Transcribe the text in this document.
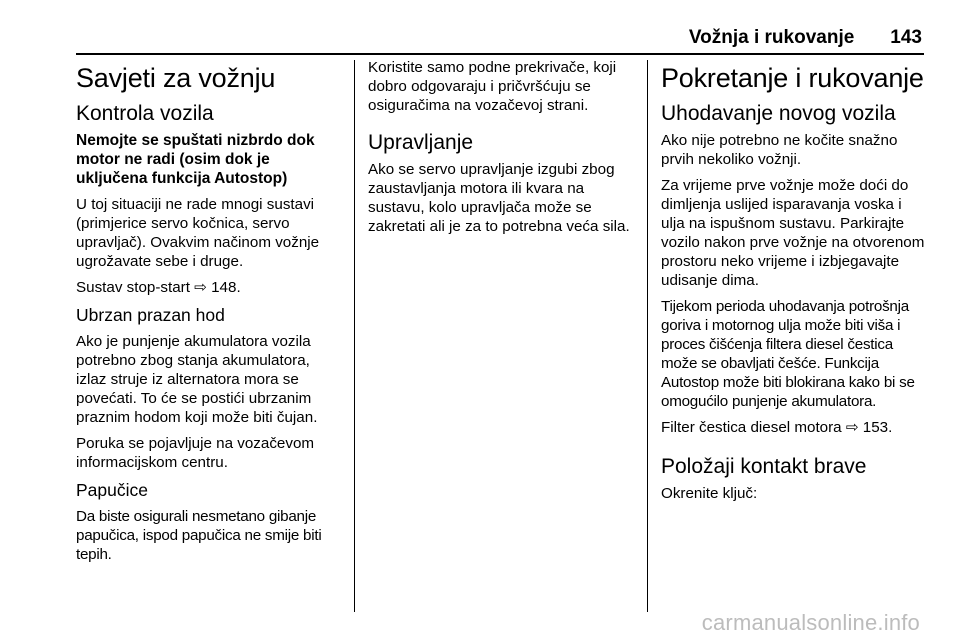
Vožnja i rukovanje 143
Savjeti za vožnju
Kontrola vozila
Nemojte se spuštati nizbrdo dok motor ne radi (osim dok je uključena funkcija Autostop)

U toj situaciji ne rade mnogi sustavi (primjerice servo kočnica, servo upravljač). Ovakvim načinom vožnje ugrožavate sebe i druge.

Sustav stop-start ⇨ 148.

Ubrzan prazan hod

Ako je punjenje akumulatora vozila potrebno zbog stanja akumulatora, izlaz struje iz alternatora mora se povećati. To će se postići ubrzanim praznim hodom koji može biti čujan.

Poruka se pojavljuje na vozačevom informacijskom centru.

Papučice

Da biste osigurali nesmetano gibanje papučica, ispod papučica ne smije biti tepih.

Koristite samo podne prekrivače, koji dobro odgovaraju i pričvršćuju se osiguračima na vozačevoj strani.

Upravljanje

Ako se servo upravljanje izgubi zbog zaustavljanja motora ili kvara na sustavu, kolo upravljača može se zakretati ali je za to potrebna veća sila.

Pokretanje i rukovanje
Uhodavanje novog vozila

Ako nije potrebno ne kočite snažno prvih nekoliko vožnji.

Za vrijeme prve vožnje može doći do dimljenja uslijed isparavanja voska i ulja na ispušnom sustavu. Parkirajte vozilo nakon prve vožnje na otvorenom prostoru neko vrijeme i izbjegavajte udisanje dima.

Tijekom perioda uhodavanja potrošnja goriva i motornog ulja može biti viša i proces čišćenja filtera diesel čestica može se obavljati češće. Funkcija Autostop može biti blokirana kako bi se omogućilo punjenje akumulatora.

Filter čestica diesel motora ⇨ 153.

Položaji kontakt brave

Okrenite ključ:

carmanualsonline.info
